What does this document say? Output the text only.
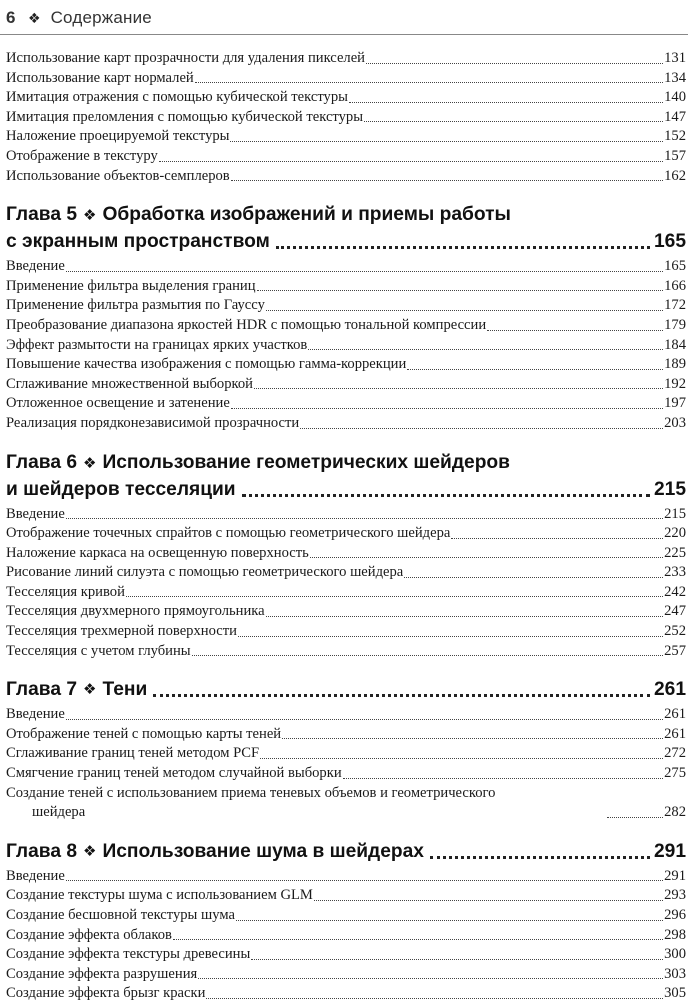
6 ❖ Содержание
Использование карт прозрачности для удаления пикселей	131
Использование карт нормалей	134
Имитация отражения с помощью кубической текстуры	140
Имитация преломления с помощью кубической текстуры	147
Наложение проецируемой текстуры	152
Отображение в текстуру	157
Использование объектов-семплеров	162
Глава 5 ❖ Обработка изображений и приемы работы
с экранным пространством	165
Введение	165
Применение фильтра выделения границ	166
Применение фильтра размытия по Гауссу	172
Преобразование диапазона яркостей HDR с помощью тональной компрессии	179
Эффект размытости на границах ярких участков	184
Повышение качества изображения с помощью гамма-коррекции	189
Сглаживание множественной выборкой	192
Отложенное освещение и затенение	197
Реализация порядконезависимой прозрачности	203
Глава 6 ❖ Использование геометрических шейдеров
и шейдеров тесселяции	215
Введение	215
Отображение точечных спрайтов с помощью геометрического шейдера	220
Наложение каркаса на освещенную поверхность	225
Рисование линий силуэта с помощью геометрического шейдера	233
Тесселяция кривой	242
Тесселяция двухмерного прямоугольника	247
Тесселяция трехмерной поверхности	252
Тесселяция с учетом глубины	257
Глава 7 ❖ Тени	261
Введение	261
Отображение теней с помощью карты теней	261
Сглаживание границ теней методом PCF	272
Смягчение границ теней методом случайной выборки	275
Создание теней с использованием приема теневых объемов и геометрического
шейдера	282
Глава 8 ❖ Использование шума в шейдерах	291
Введение	291
Создание текстуры шума с использованием GLM	293
Создание бесшовной текстуры шума	296
Создание эффекта облаков	298
Создание эффекта текстуры древесины	300
Создание эффекта разрушения	303
Создание эффекта брызг краски	305
